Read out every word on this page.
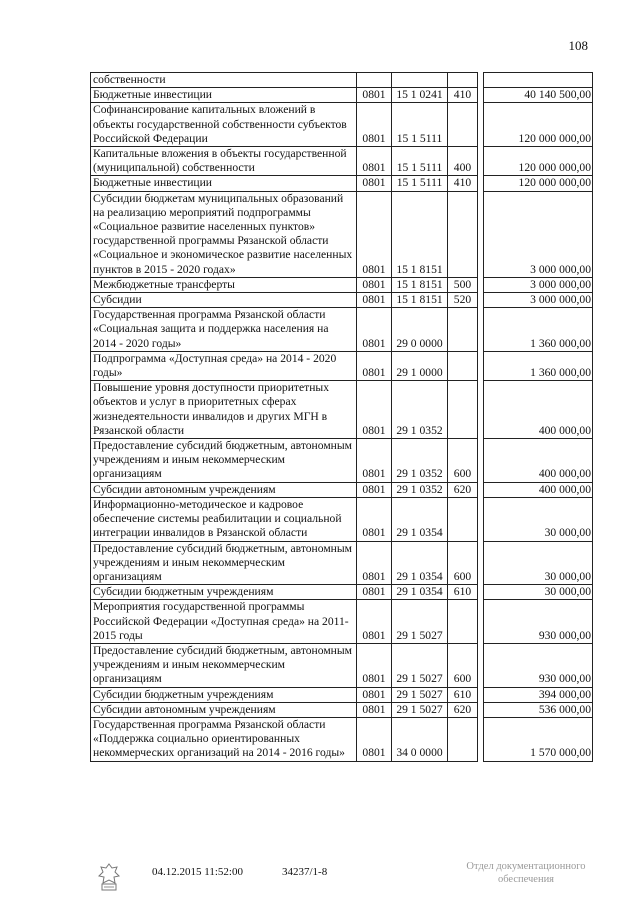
108
собственности					
Бюджетные инвестиции	0801	15 1 0241	410		40 140 500,00
Софинансирование капитальных вложений в объекты государственной собственности субъектов Российской Федерации	0801	15 1 5111			120 000 000,00
Капитальные вложения в объекты государственной (муниципальной) собственности	0801	15 1 5111	400		120 000 000,00
Бюджетные инвестиции	0801	15 1 5111	410		120 000 000,00
Субсидии бюджетам муниципальных образований на реализацию мероприятий подпрограммы «Социальное развитие населенных пунктов» государственной программы Рязанской области «Социальное и экономическое развитие населенных пунктов в 2015 - 2020 годах»	0801	15 1 8151			3 000 000,00
Межбюджетные трансферты	0801	15 1 8151	500		3 000 000,00
Субсидии	0801	15 1 8151	520		3 000 000,00
Государственная программа Рязанской области «Социальная защита и поддержка населения на 2014 - 2020 годы»	0801	29 0 0000			1 360 000,00
Подпрограмма «Доступная среда» на 2014 - 2020 годы»	0801	29 1 0000			1 360 000,00
Повышение уровня доступности приоритетных объектов и услуг в приоритетных сферах жизнедеятельности инвалидов и других МГН в Рязанской области	0801	29 1 0352			400 000,00
Предоставление субсидий бюджетным, автономным учреждениям и иным некоммерческим организациям	0801	29 1 0352	600		400 000,00
Субсидии автономным учреждениям	0801	29 1 0352	620		400 000,00
Информационно-методическое и кадровое обеспечение системы реабилитации и социальной интеграции инвалидов в Рязанской области	0801	29 1 0354			30 000,00
Предоставление субсидий бюджетным, автономным учреждениям и иным некоммерческим организациям	0801	29 1 0354	600		30 000,00
Субсидии бюджетным учреждениям	0801	29 1 0354	610		30 000,00
Мероприятия государственной программы Российской Федерации «Доступная среда» на 2011-2015 годы	0801	29 1 5027			930 000,00
Предоставление субсидий бюджетным, автономным учреждениям и иным некоммерческим организациям	0801	29 1 5027	600		930 000,00
Субсидии бюджетным учреждениям	0801	29 1 5027	610		394 000,00
Субсидии автономным учреждениям	0801	29 1 5027	620		536 000,00
Государственная программа Рязанской области «Поддержка социально ориентированных некоммерческих организаций на 2014 - 2016 годы»	0801	34 0 0000			1 570 000,00
04.12.2015 11:52:00	34237/1-8	Отдел документационного
обеспечения
